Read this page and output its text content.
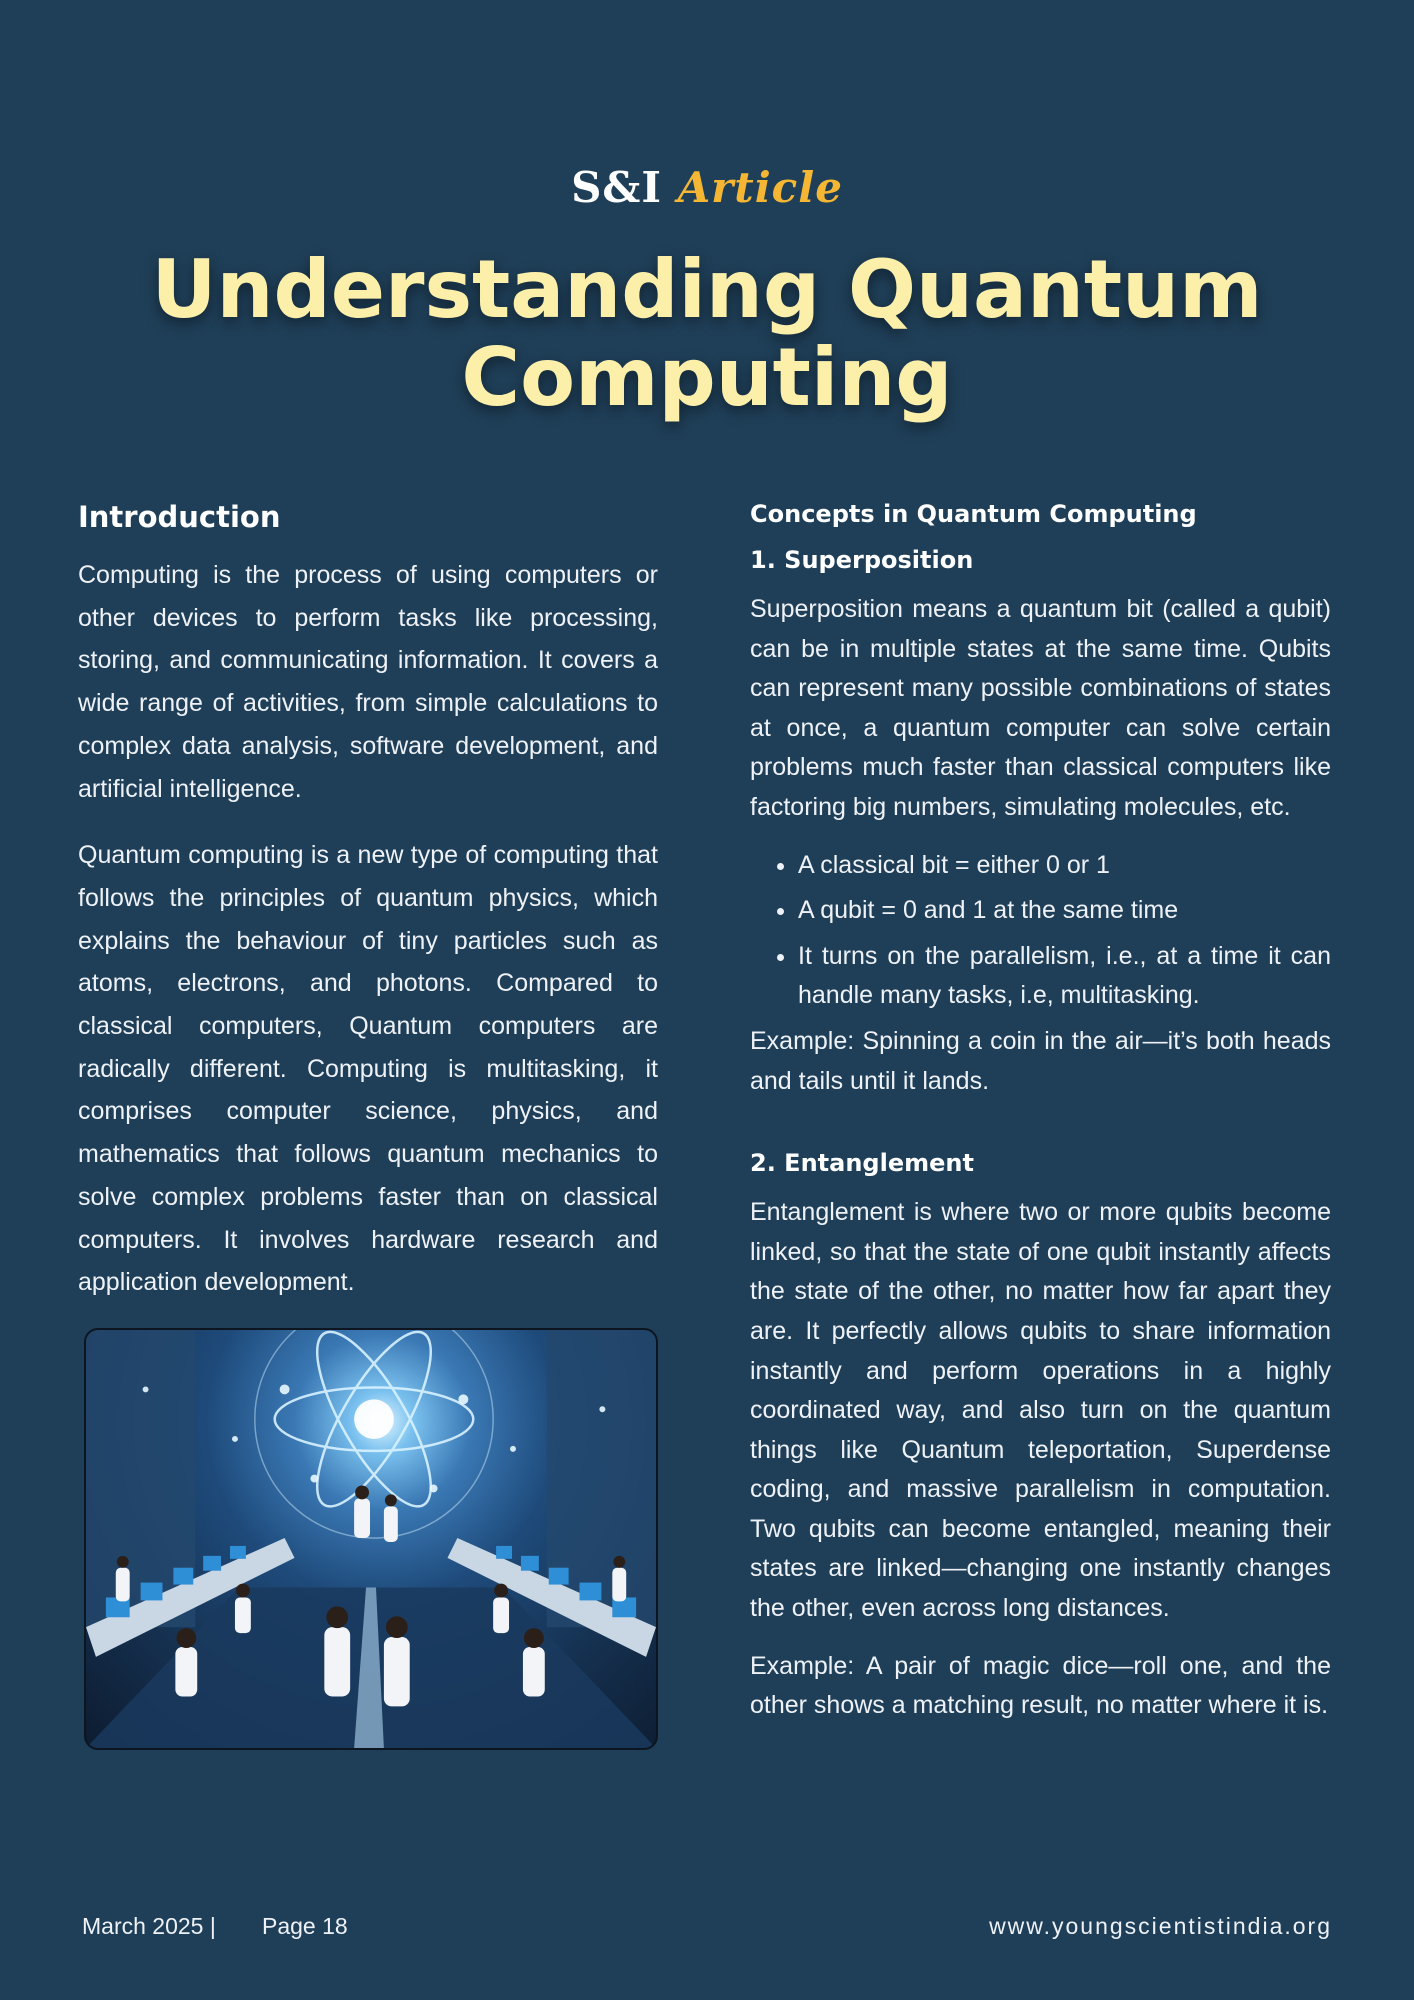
S&I Article
Understanding Quantum Computing
Introduction

Computing is the process of using computers or other devices to perform tasks like processing, storing, and communicating information. It covers a wide range of activities, from simple calculations to complex data analysis, software development, and artificial intelligence.

Quantum computing is a new type of computing that follows the principles of quantum physics, which explains the behaviour of tiny particles such as atoms, electrons, and photons. Compared to classical computers, Quantum computers are radically different. Computing is multitasking, it comprises computer science, physics, and mathematics that follows quantum mechanics to solve complex problems faster than on classical computers. It involves hardware research and application development.

Concepts in Quantum Computing
1. Superposition

Superposition means a quantum bit (called a qubit) can be in multiple states at the same time. Qubits can represent many possible combinations of states at once, a quantum computer can solve certain problems much faster than classical computers like factoring big numbers, simulating molecules, etc.

• A classical bit = either 0 or 1
• A qubit = 0 and 1 at the same time
• It turns on the parallelism, i.e., at a time it can handle many tasks, i.e, multitasking.

Example: Spinning a coin in the air—it’s both heads and tails until it lands.

2. Entanglement

Entanglement is where two or more qubits become linked, so that the state of one qubit instantly affects the state of the other, no matter how far apart they are. It perfectly allows qubits to share information instantly and perform operations in a highly coordinated way, and also turn on the quantum things like Quantum teleportation, Superdense coding, and massive parallelism in computation. Two qubits can become entangled, meaning their states are linked—changing one instantly changes the other, even across long distances.

Example: A pair of magic dice—roll one, and the other shows a matching result, no matter where it is.

March 2025 | Page 18	www.youngscientistindia.org
